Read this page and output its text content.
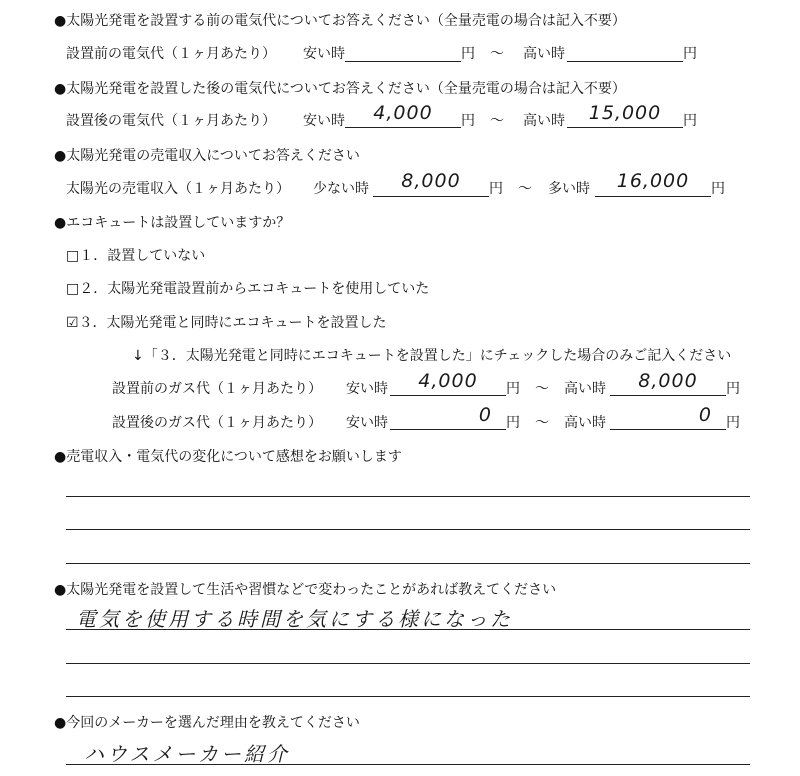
●太陽光発電を設置する前の電気代についてお答えください（全量売電の場合は記入不要）
設置前の電気代（１ヶ月あたり） 安い時	円 ～ 高い時	円
●太陽光発電を設置した後の電気代についてお答えください（全量売電の場合は記入不要）
設置後の電気代（１ヶ月あたり） 安い時	4,000	円 ～ 高い時	15,000	円
●太陽光発電の売電収入についてお答えください
太陽光の売電収入（１ヶ月あたり） 少ない時	8,000	円 ～ 多い時	16,000	円
●エコキュートは設置していますか？
□１．設置していない
□２．太陽光発電設置前からエコキュートを使用していた
☑３．太陽光発電と同時にエコキュートを設置した
↓「３．太陽光発電と同時にエコキュートを設置した」にチェックした場合のみご記入ください
設置前のガス代（１ヶ月あたり） 安い時	4,000	円 ～ 高い時	8,000	円
設置後のガス代（１ヶ月あたり） 安い時	0	円 ～ 高い時	0	円
●売電収入・電気代の変化について感想をお願いします
●太陽光発電を設置して生活や習慣などで変わったことがあれば教えてください
電気を使用する時間を気にする様になった
●今回のメーカーを選んだ理由を教えてください
ハウスメーカー紹介
